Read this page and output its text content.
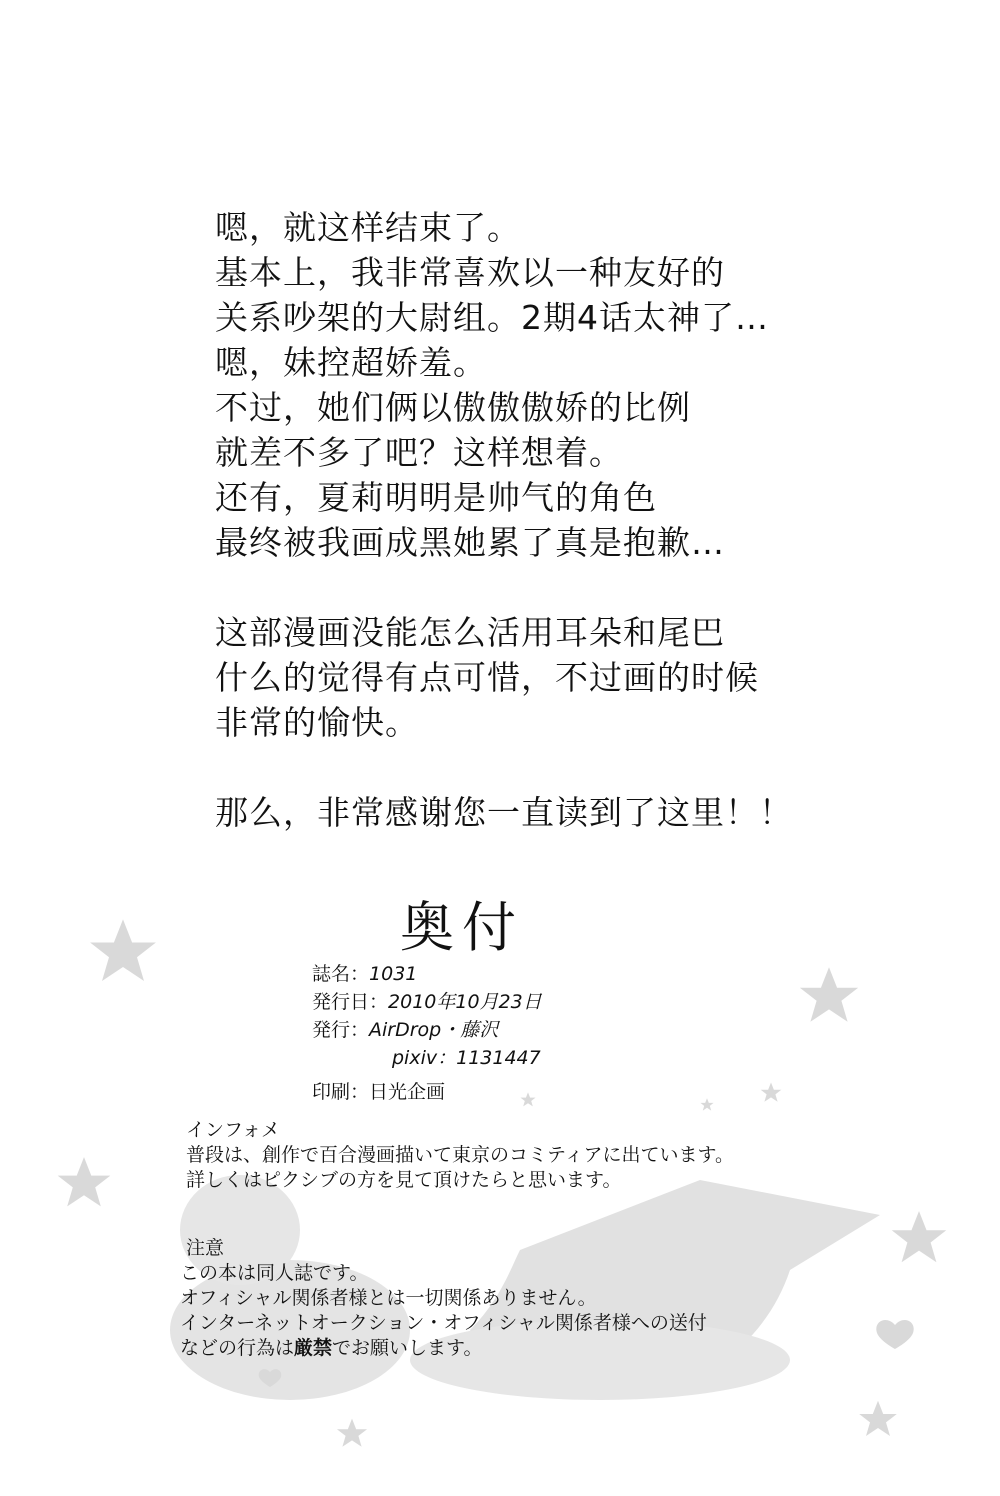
嗯，就这样结束了。
基本上，我非常喜欢以一种友好的
关系吵架的大尉组。2期4话太神了…
嗯，妹控超娇羞。
不过，她们俩以傲傲傲娇的比例
就差不多了吧？这样想着。
还有，夏莉明明是帅气的角色
最终被我画成黑她累了真是抱歉…
这部漫画没能怎么活用耳朵和尾巴
什么的觉得有点可惜，不过画的时候
非常的愉快。
那么，非常感谢您一直读到了这里！！
奥付
誌名：1031
発行日：2010年10月23日
発行：AirDrop・藤沢
pixiv：1131447
印刷：日光企画
インフォメ
普段は、創作で百合漫画描いて東京のコミティアに出ています。
詳しくはピクシブの方を見て頂けたらと思います。
注意
この本は同人誌です。
オフィシャル関係者様とは一切関係ありません。
インターネットオークション・オフィシャル関係者様への送付
などの行為は厳禁でお願いします。
